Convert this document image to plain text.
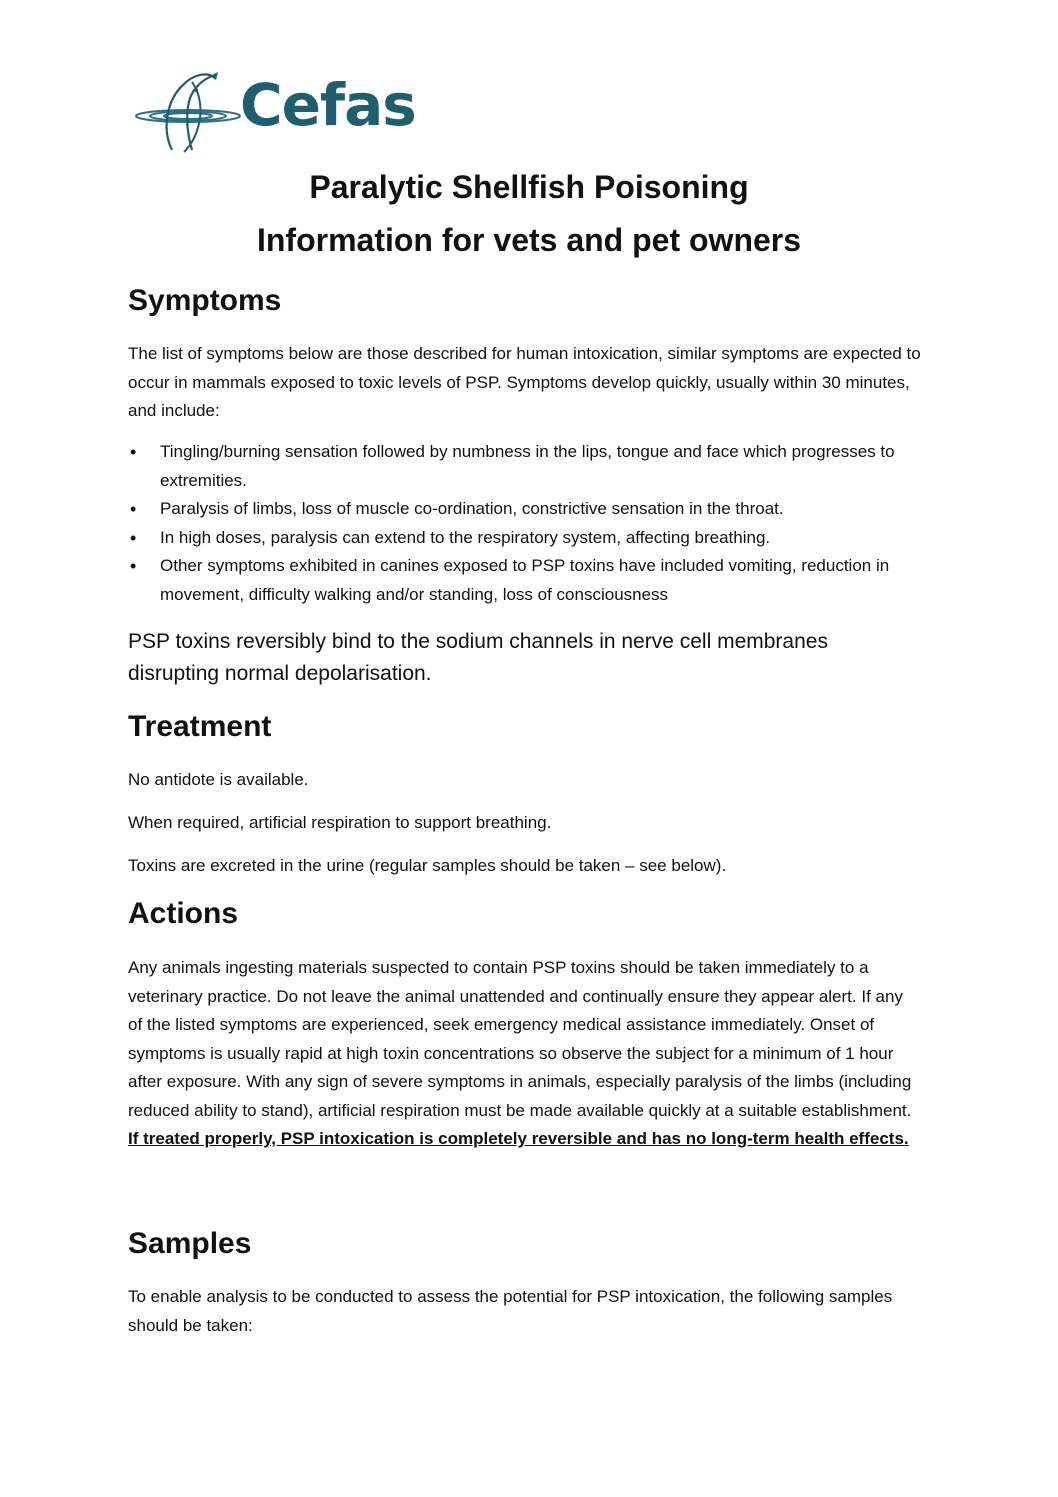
Cefas
Paralytic Shellfish Poisoning
Information for vets and pet owners
Symptoms

The list of symptoms below are those described for human intoxication, similar symptoms are expected to occur in mammals exposed to toxic levels of PSP. Symptoms develop quickly, usually within 30 minutes, and include:

• Tingling/burning sensation followed by numbness in the lips, tongue and face which progresses to extremities.
• Paralysis of limbs, loss of muscle co-ordination, constrictive sensation in the throat.
• In high doses, paralysis can extend to the respiratory system, affecting breathing.
• Other symptoms exhibited in canines exposed to PSP toxins have included vomiting, reduction in movement, difficulty walking and/or standing, loss of consciousness

PSP toxins reversibly bind to the sodium channels in nerve cell membranes disrupting normal depolarisation.

Treatment

No antidote is available.

When required, artificial respiration to support breathing.

Toxins are excreted in the urine (regular samples should be taken – see below).

Actions

Any animals ingesting materials suspected to contain PSP toxins should be taken immediately to a veterinary practice. Do not leave the animal unattended and continually ensure they appear alert. If any of the listed symptoms are experienced, seek emergency medical assistance immediately. Onset of symptoms is usually rapid at high toxin concentrations so observe the subject for a minimum of 1 hour after exposure. With any sign of severe symptoms in animals, especially paralysis of the limbs (including reduced ability to stand), artificial respiration must be made available quickly at a suitable establishment. If treated properly, PSP intoxication is completely reversible and has no long-term health effects.

Samples

To enable analysis to be conducted to assess the potential for PSP intoxication, the following samples should be taken:
